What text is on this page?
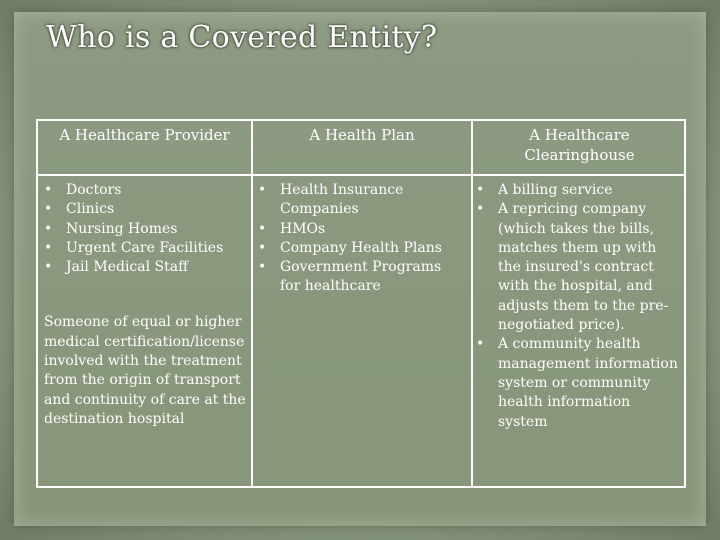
Who is a Covered Entity?
A Healthcare Provider	A Health Plan	A Healthcare Clearinghouse
• Doctors
• Clinics
• Nursing Homes
• Urgent Care Facilities
• Jail Medical Staff
Someone of equal or higher medical certification/license involved with the treatment from the origin of transport and continuity of care at the destination hospital
• Health Insurance Companies
• HMOs
• Company Health Plans
• Government Programs for healthcare
• A billing service
• A repricing company (which takes the bills, matches them up with the insured's contract with the hospital, and adjusts them to the pre-negotiated price).
• A community health management information system or community health information system
